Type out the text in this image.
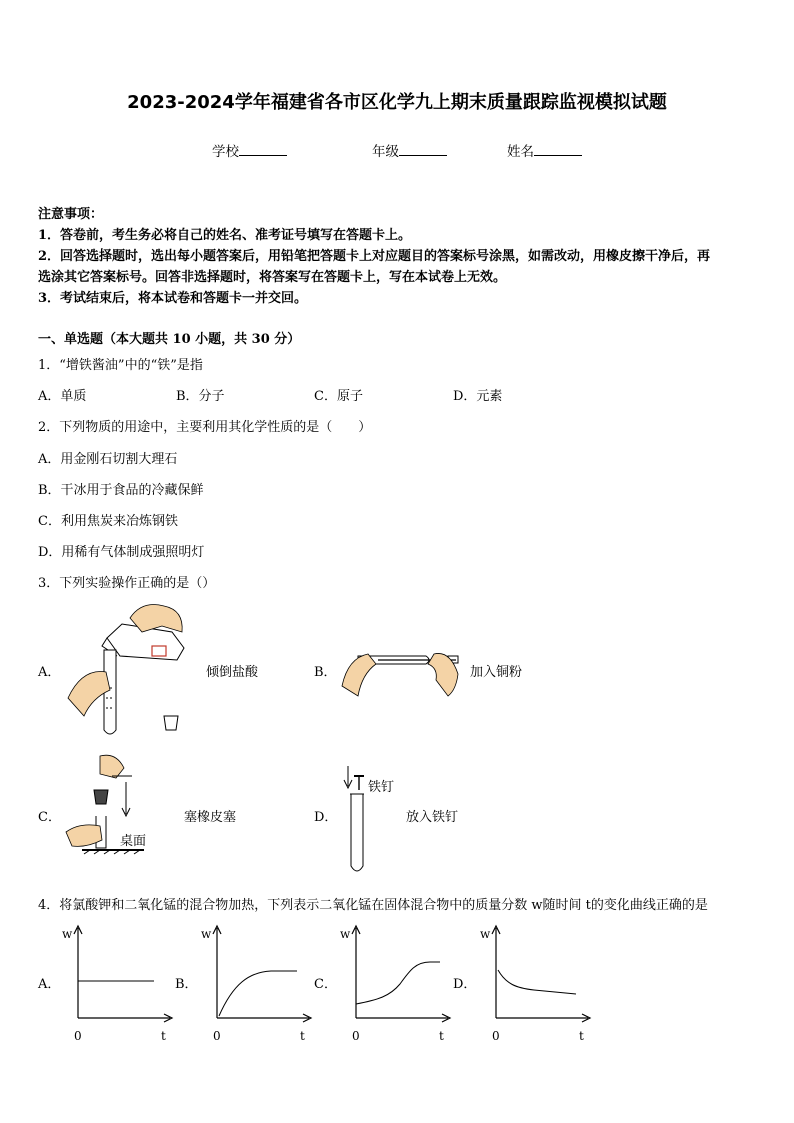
2023-2024学年福建省各市区化学九上期末质量跟踪监视模拟试题
学校	年级	姓名
注意事项：
1．答卷前，考生务必将自己的姓名、准考证号填写在答题卡上。
2．回答选择题时，选出每小题答案后，用铅笔把答题卡上对应题目的答案标号涂黑，如需改动，用橡皮擦干净后，再
选涂其它答案标号。回答非选择题时，将答案写在答题卡上，写在本试卷上无效。
3．考试结束后，将本试卷和答题卡一并交回。
一、单选题（本大题共 10 小题，共 30 分）
1．“增铁酱油”中的“铁”是指
A．单质	B．分子	C．原子	D．元素
2．下列物质的用途中，主要利用其化学性质的是（　　）
A．用金刚石切割大理石
B．干冰用于食品的冷藏保鲜
C．利用焦炭来冶炼钢铁
D．用稀有气体制成强照明灯
3．下列实验操作正确的是（）
A．	倾倒盐酸	B．	加入铜粉
C．
桌面
塞橡皮塞	D．
铁钉
放入铁钉
4．将氯酸钾和二氧化锰的混合物加热，下列表示二氧化锰在固体混合物中的质量分数 w随时间 t的变化曲线正确的是
A．
w
0	t
B．
w
0	t
C．
w
0	t
D．
w
0	t
